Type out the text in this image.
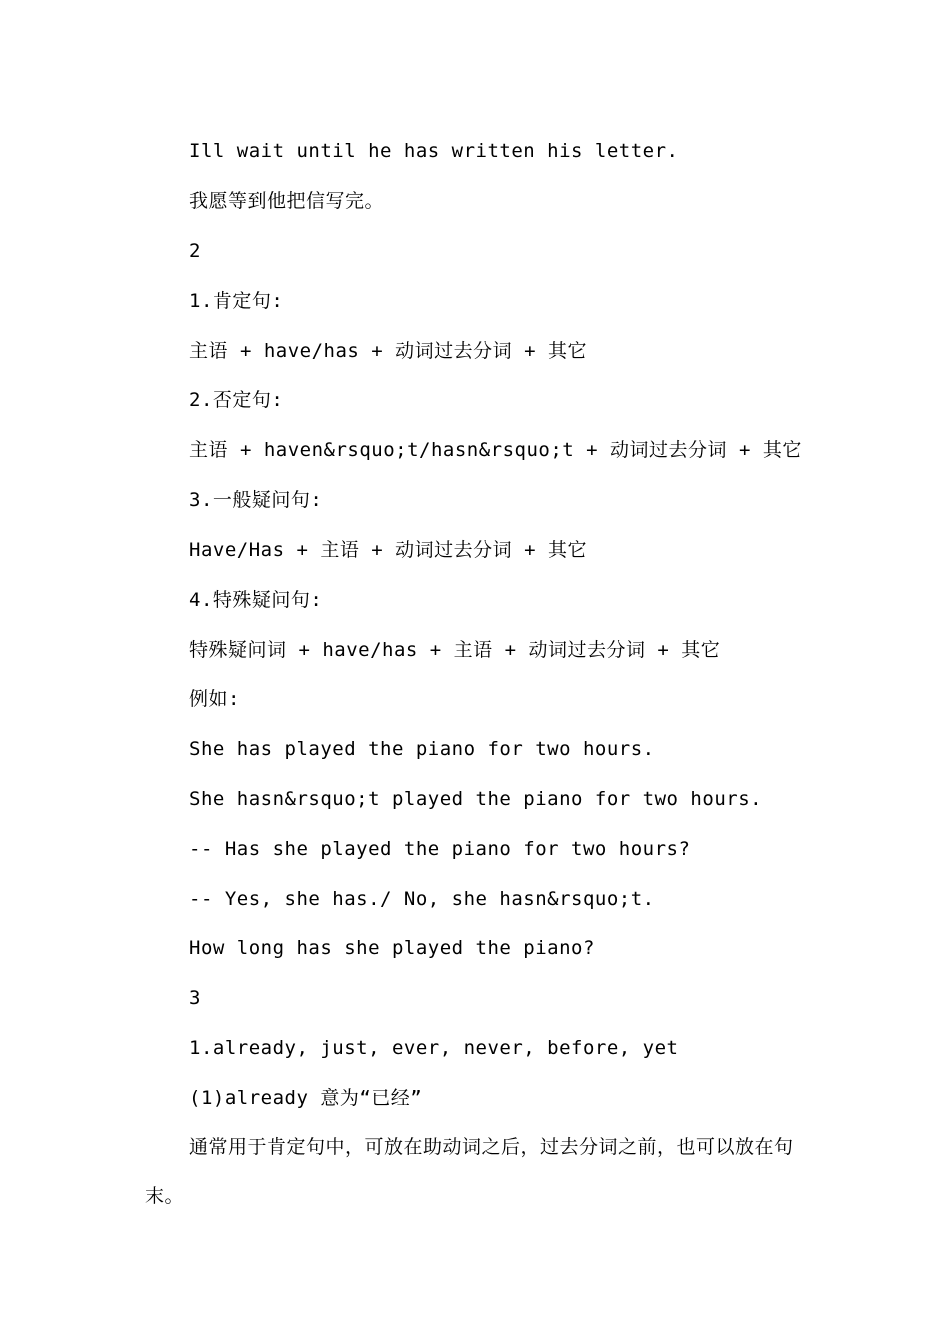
Ill wait until he has written his letter.
我愿等到他把信写完。
2
1.肯定句:
主语 + have/has + 动词过去分词 + 其它
2.否定句:
主语 + haven&rsquo;t/hasn&rsquo;t + 动词过去分词 + 其它
3.一般疑问句:
Have/Has + 主语 + 动词过去分词 + 其它
4.特殊疑问句:
特殊疑问词 + have/has + 主语 + 动词过去分词 + 其它
例如:
She has played the piano for two hours.
She hasn&rsquo;t played the piano for two hours.
-- Has she played the piano for two hours?
-- Yes, she has./ No, she hasn&rsquo;t.
How long has she played the piano?
3
1.already, just, ever, never, before, yet
(1)already 意为“已经”
通常用于肯定句中，可放在助动词之后，过去分词之前，也可以放在句末。
